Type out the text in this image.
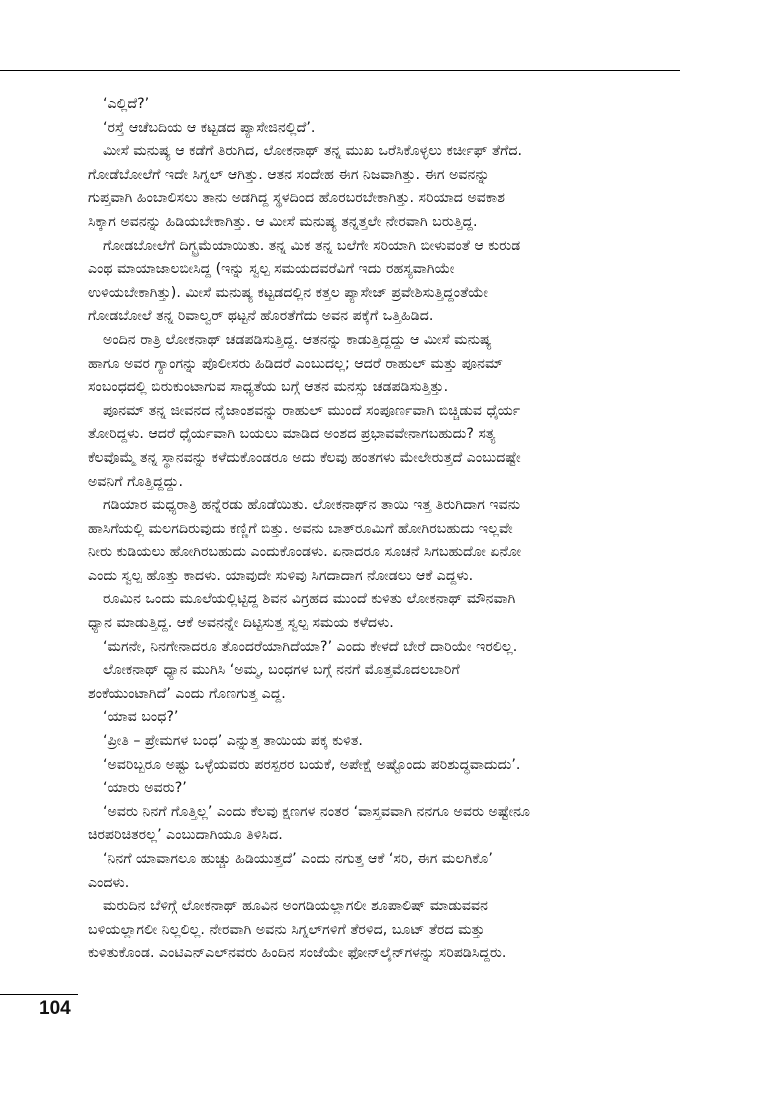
‘ಎಲ್ಲಿದೆ?’
‘ರಸ್ತೆ ಆಚೆಬದಿಯ ಆ ಕಟ್ಟಡದ ಪ್ಯಾಸೇಜಿನಲ್ಲಿದೆ’.
ಮೀಸೆ ಮನುಷ್ಯ ಆ ಕಡೆಗೆ ತಿರುಗಿದ, ಲೋಕನಾಥ್ ತನ್ನ ಮುಖ ಒರೆಸಿಕೊಳ್ಳಲು ಕರ್ಚೀಫ್ ತೆಗೆದ.
ಗೋಡೆಬೋಲೆಗೆ ಇದೇ ಸಿಗ್ನಲ್ ಆಗಿತ್ತು. ಆತನ ಸಂದೇಹ ಈಗ ನಿಜವಾಗಿತ್ತು. ಈಗ ಅವನನ್ನು
ಗುಪ್ತವಾಗಿ ಹಿಂಬಾಲಿಸಲು ತಾನು ಅಡಗಿದ್ದ ಸ್ಥಳದಿಂದ ಹೊರಬರಬೇಕಾಗಿತ್ತು. ಸರಿಯಾದ ಅವಕಾಶ
ಸಿಕ್ಕಾಗ ಅವನನ್ನು ಹಿಡಿಯಬೇಕಾಗಿತ್ತು. ಆ ಮೀಸೆ ಮನುಷ್ಯ ತನ್ನತ್ತಲೇ ನೇರವಾಗಿ ಬರುತ್ತಿದ್ದ.
ಗೋಡಬೋಲೆಗೆ ದಿಗ್ಭ್ರಮೆಯಾಯಿತು. ತನ್ನ ಮಿಕ ತನ್ನ ಬಲೆಗೇ ಸರಿಯಾಗಿ ಬೀಳುವಂತೆ ಆ ಕುರುಡ
ಎಂಥ ಮಾಯಾಜಾಲಬೀಸಿದ್ದ (ಇನ್ನು ಸ್ವಲ್ಪ ಸಮಯದವರೆವಿಗೆ ಇದು ರಹಸ್ಯವಾಗಿಯೇ
ಉಳಿಯಬೇಕಾಗಿತ್ತು). ಮೀಸೆ ಮನುಷ್ಯ ಕಟ್ಟಡದಲ್ಲಿನ ಕತ್ತಲ ಪ್ಯಾಸೇಜ್ ಪ್ರವೇಶಿಸುತ್ತಿದ್ದಂತೆಯೇ
ಗೋಡಬೋಲೆ ತನ್ನ ರಿವಾಲ್ವರ್ ಥಟ್ಟನೆ ಹೊರತೆಗೆದು ಅವನ ಪಕ್ಕೆಗೆ ಒತ್ತಿಹಿಡಿದ.
ಅಂದಿನ ರಾತ್ರಿ ಲೋಕನಾಥ್ ಚಡಪಡಿಸುತ್ತಿದ್ದ. ಆತನನ್ನು ಕಾಡುತ್ತಿದ್ದದ್ದು ಆ ಮೀಸೆ ಮನುಷ್ಯ
ಹಾಗೂ ಅವರ ಗ್ಯಾಂಗನ್ನು ಪೊಲೀಸರು ಹಿಡಿದರೆ ಎಂಬುದಲ್ಲ; ಆದರೆ ರಾಹುಲ್ ಮತ್ತು ಪೂನಮ್
ಸಂಬಂಧದಲ್ಲಿ ಬಿರುಕುಂಟಾಗುವ ಸಾಧ್ಯತೆಯ ಬಗ್ಗೆ ಆತನ ಮನಸ್ಸು ಚಡಪಡಿಸುತ್ತಿತ್ತು.
ಪೂನಮ್ ತನ್ನ ಜೀವನದ ನೈಜಾಂಶವನ್ನು ರಾಹುಲ್ ಮುಂದೆ ಸಂಪೂರ್ಣವಾಗಿ ಬಿಚ್ಚಿಡುವ ಧೈರ್ಯ
ತೋರಿದ್ದಳು. ಆದರೆ ಧೈರ್ಯವಾಗಿ ಬಯಲು ಮಾಡಿದ ಅಂಶದ ಪ್ರಭಾವವೇನಾಗಬಹುದು? ಸತ್ಯ
ಕೆಲವೊಮ್ಮೆ ತನ್ನ ಸ್ಥಾನವನ್ನು ಕಳೆದುಕೊಂಡರೂ ಅದು ಕೆಲವು ಹಂತಗಳು ಮೇಲೇರುತ್ತದೆ ಎಂಬುದಷ್ಟೇ
ಅವನಿಗೆ ಗೊತ್ತಿದ್ದದ್ದು.
ಗಡಿಯಾರ ಮಧ್ಯರಾತ್ರಿ ಹನ್ನೆರಡು ಹೊಡೆಯಿತು. ಲೋಕನಾಥ್‌ನ ತಾಯಿ ಇತ್ತ ತಿರುಗಿದಾಗ ಇವನು
ಹಾಸಿಗೆಯಲ್ಲಿ ಮಲಗದಿರುವುದು ಕಣ್ಣಿಗೆ ಬಿತ್ತು. ಅವನು ಬಾತ್‌ರೂಮಿಗೆ ಹೋಗಿರಬಹುದು ಇಲ್ಲವೇ
ನೀರು ಕುಡಿಯಲು ಹೋಗಿರಬಹುದು ಎಂದುಕೊಂಡಳು. ಏನಾದರೂ ಸೂಚನೆ ಸಿಗಬಹುದೋ ಏನೋ
ಎಂದು ಸ್ವಲ್ಪ ಹೊತ್ತು ಕಾದಳು. ಯಾವುದೇ ಸುಳಿವು ಸಿಗದಾದಾಗ ನೋಡಲು ಆಕೆ ಎದ್ದಳು.
ರೂಮಿನ ಒಂದು ಮೂಲೆಯಲ್ಲಿಟ್ಟಿದ್ದ ಶಿವನ ವಿಗ್ರಹದ ಮುಂದೆ ಕುಳಿತು ಲೋಕನಾಥ್ ಮೌನವಾಗಿ
ಧ್ಯಾನ ಮಾಡುತ್ತಿದ್ದ. ಆಕೆ ಅವನನ್ನೇ ದಿಟ್ಟಿಸುತ್ತ ಸ್ವಲ್ಪ ಸಮಯ ಕಳೆದಳು.
‘ಮಗನೇ, ನಿನಗೇನಾದರೂ ತೊಂದರೆಯಾಗಿದೆಯಾ?’ ಎಂದು ಕೇಳದೆ ಬೇರೆ ದಾರಿಯೇ ಇರಲಿಲ್ಲ.
ಲೋಕನಾಥ್ ಧ್ಯಾನ ಮುಗಿಸಿ ‘ಅಮ್ಮ, ಬಂಧಗಳ ಬಗ್ಗೆ ನನಗೆ ಮೊತ್ತಮೊದಲಬಾರಿಗೆ
ಶಂಕೆಯುಂಟಾಗಿದೆ’ ಎಂದು ಗೊಣಗುತ್ತ ಎದ್ದ.
‘ಯಾವ ಬಂಧ?’
‘ಪ್ರೀತಿ – ಪ್ರೇಮಗಳ ಬಂಧ’ ಎನ್ನುತ್ತ ತಾಯಿಯ ಪಕ್ಕ ಕುಳಿತ.
‘ಅವರಿಬ್ಬರೂ ಅಷ್ಟು ಒಳ್ಳೆಯವರು ಪರಸ್ಪರರ ಬಯಕೆ, ಅಪೇಕ್ಷೆ ಅಷ್ಟೊಂದು ಪರಿಶುದ್ಧವಾದುದು’.
‘ಯಾರು ಅವರು?’
‘ಅವರು ನಿನಗೆ ಗೊತ್ತಿಲ್ಲ’ ಎಂದು ಕೆಲವು ಕ್ಷಣಗಳ ನಂತರ ‘ವಾಸ್ತವವಾಗಿ ನನಗೂ ಅವರು ಅಷ್ಟೇನೂ
ಚಿರಪರಿಚಿತರಲ್ಲ’ ಎಂಬುದಾಗಿಯೂ ತಿಳಿಸಿದ.
‘ನಿನಗೆ ಯಾವಾಗಲೂ ಹುಚ್ಚು ಹಿಡಿಯುತ್ತದೆ’ ಎಂದು ನಗುತ್ತ ಆಕೆ ‘ಸರಿ, ಈಗ ಮಲಗಿಕೊ’
ಎಂದಳು.
ಮರುದಿನ ಬೆಳಿಗ್ಗೆ ಲೋಕನಾಥ್ ಹೂವಿನ ಅಂಗಡಿಯಲ್ಲಾಗಲೀ ಶೂಪಾಲಿಷ್ ಮಾಡುವವನ
ಬಳಿಯಲ್ಲಾಗಲೀ ನಿಲ್ಲಲಿಲ್ಲ. ನೇರವಾಗಿ ಅವನು ಸಿಗ್ನಲ್‌ಗಳಿಗೆ ತೆರಳಿದ, ಬೂಟ್ ತೆರದ ಮತ್ತು
ಕುಳಿತುಕೊಂಡ. ಎಂಟಿಎನ್‌ಎಲ್‌ನವರು ಹಿಂದಿನ ಸಂಜೆಯೇ ಫೋನ್‌ಲೈನ್‌ಗಳನ್ನು ಸರಿಪಡಿಸಿದ್ದರು.
104
